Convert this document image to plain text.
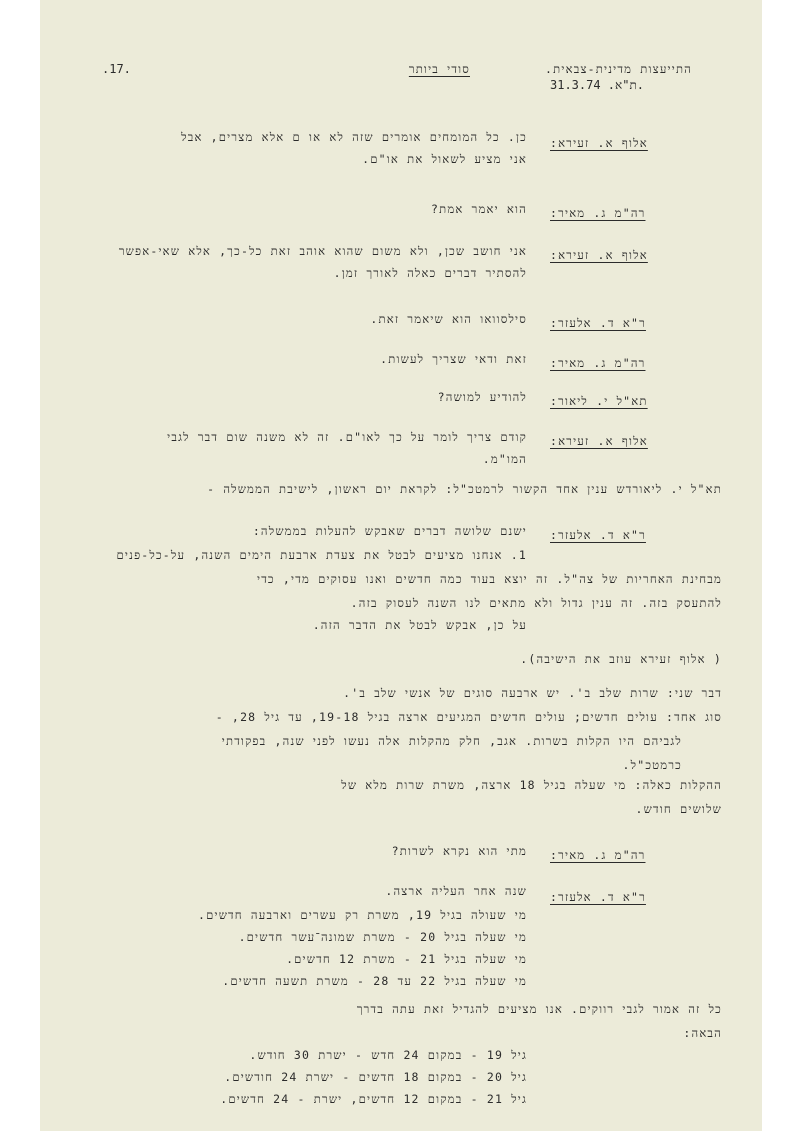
.17.	סודי ביותר	התייעצות מדינית-צבאית.
31.3.74 .ת"א.
אלוף א. זעירא:
כן. כל המומחים אומרים שזה לא או ם אלא מצרים, אבל
אני מציע לשאול את או"ם.
רה"מ ג. מאיר:
הוא יאמר אמת?
אלוף א. זעירא:
אני חושב שכן, ולא משום שהוא אוהב זאת כל-כך, אלא שאי-אפשר
להסתיר דברים כאלה לאורך זמן.
ר"א ד. אלעזר:
סילסוואו הוא שיאמר זאת.
רה"מ ג. מאיר:
זאת ודאי שצריך לעשות.
תא"ל י. ליאור:
להודיע למושה?
אלוף א. זעירא:
קודם צריך לומר על כך לאו"ם. זה לא משנה שום דבר לגבי
המו"מ.
תא"ל י. ליאורדש ענין אחד הקשור לרמטכ"ל: לקראת יום ראשון, לישיבת הממשלה -
ר"א ד. אלעזר:
ישנם שלושה דברים שאבקש להעלות בממשלה:
1. אנחנו מציעים לבטל את צעדת ארבעת הימים השנה, על-כל-פנים
מבחינת האחריות של צה"ל. זה יוצא בעוד כמה חדשים ואנו עסוקים מדי, כדי
להתעסק בזה. זה ענין גדול ולא מתאים לנו השנה לעסוק בזה.
על כן, אבקש לבטל את הדבר הזה.
( אלוף זעירא עוזב את הישיבה).
דבר שני: שרות שלב ב'. יש ארבעה סוגים של אנשי שלב ב'.
סוג אחד: עולים חדשים; עולים חדשים המגיעים ארצה בגיל 19-18, עד גיל 28, -
לגביהם היו הקלות בשרות. אגב, חלק מהקלות אלה נעשו לפני שנה, בפקודתי
כרמטכ"ל.
ההקלות כאלה: מי שעלה בגיל 18 ארצה, משרת שרות מלא של
שלושים חודש.
רה"מ ג. מאיר:
מתי הוא נקרא לשרות?
ר"א ד. אלעזר:
שנה אחר העליה ארצה.
מי שעולה בגיל 19, משרת רק עשרים וארבעה חדשים.
מי שעלה בגיל 20 - משרת שמונה־עשר חדשים.
מי שעלה בגיל 21 - משרת 12 חדשים.
מי שעלה בגיל 22 עד 28 - משרת תשעה חדשים.
כל זה אמור לגבי רווקים. אנו מציעים להגדיל זאת עתה בדרך
הבאה:
גיל 19 - במקום 24 חדש - ישרת 30 חודש.
גיל 20 - במקום 18 חדשים - ישרת 24 חודשים.
גיל 21 - במקום 12 חדשים, ישרת - 24 חדשים.
